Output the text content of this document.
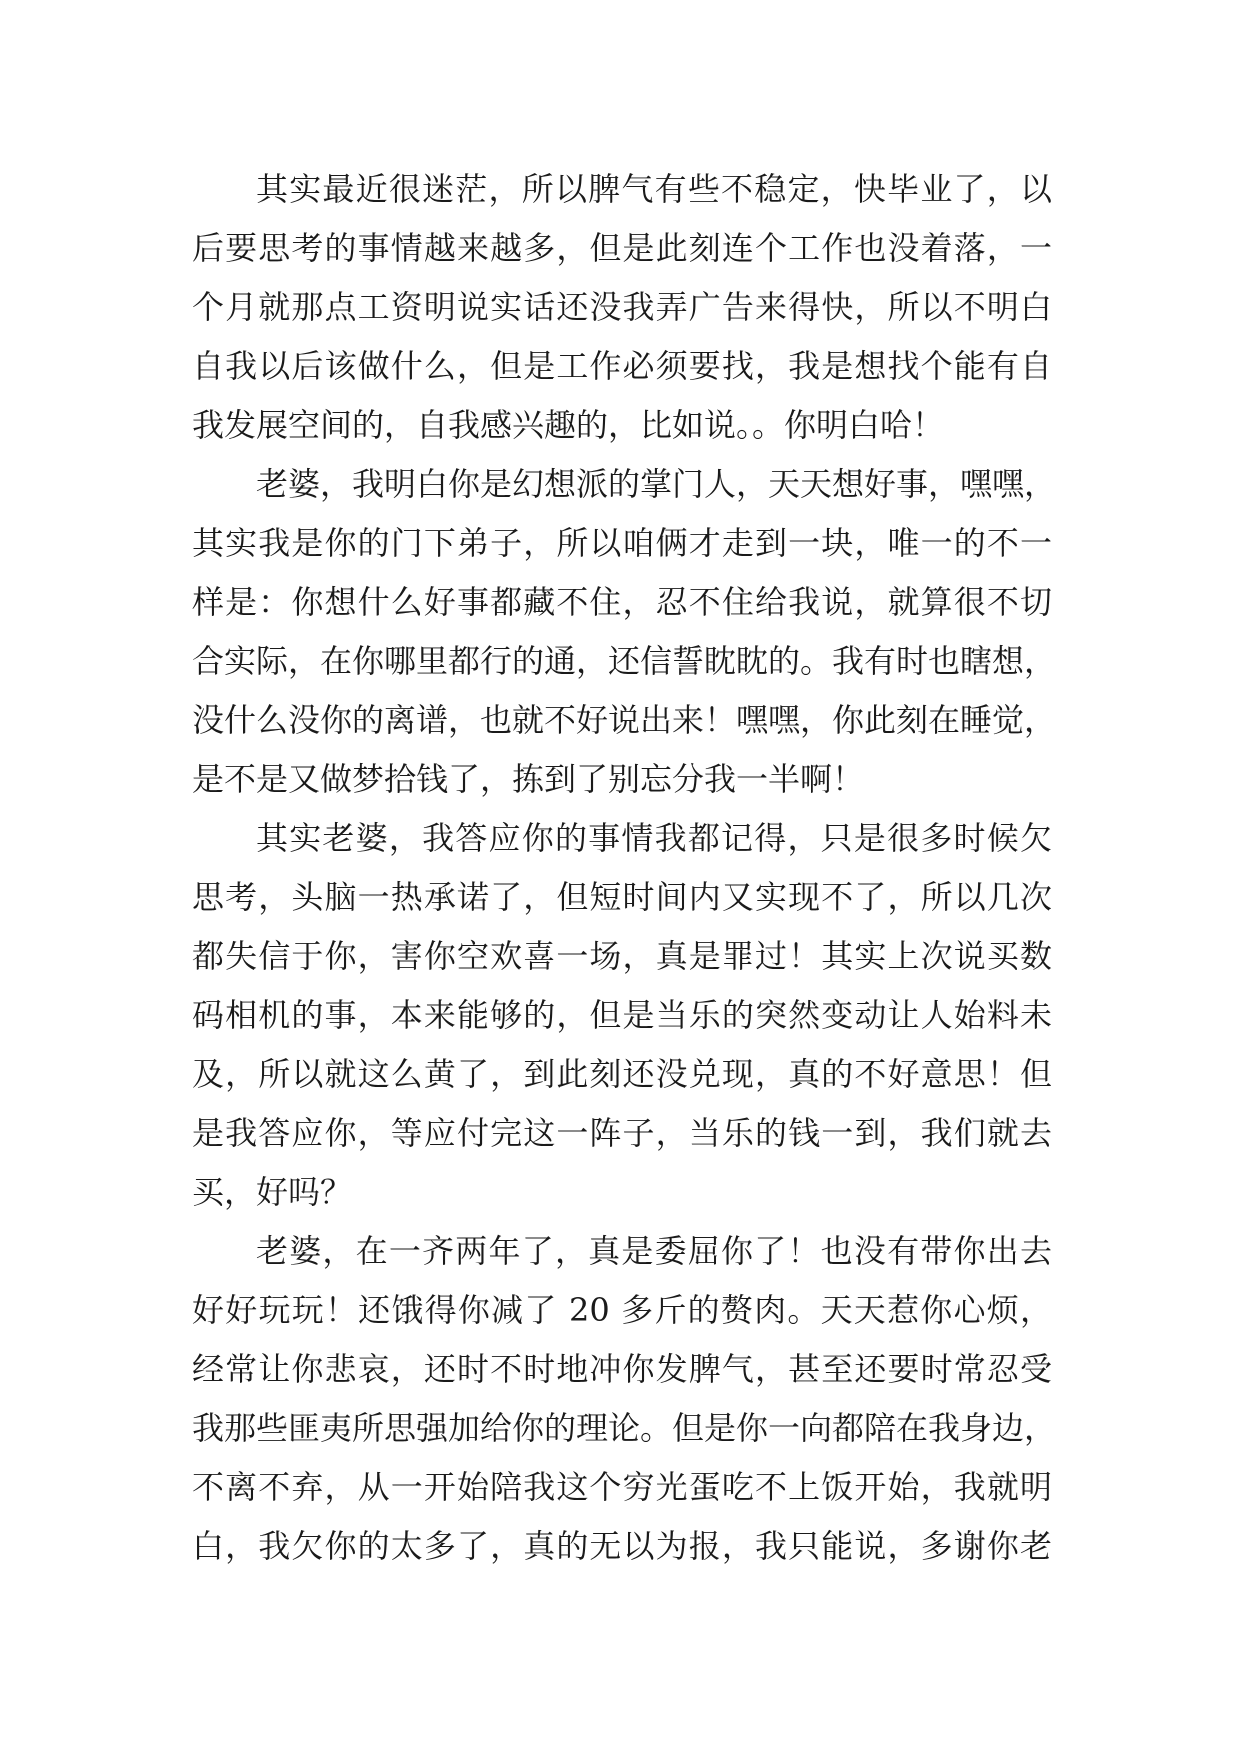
其实最近很迷茫，所以脾气有些不稳定，快毕业了，以
后要思考的事情越来越多，但是此刻连个工作也没着落，一
个月就那点工资明说实话还没我弄广告来得快，所以不明白
自我以后该做什么，但是工作必须要找，我是想找个能有自
我发展空间的，自我感兴趣的，比如说。。你明白哈！
老婆，我明白你是幻想派的掌门人，天天想好事，嘿嘿，
其实我是你的门下弟子，所以咱俩才走到一块，唯一的不一
样是：你想什么好事都藏不住，忍不住给我说，就算很不切
合实际，在你哪里都行的通，还信誓眈眈的。我有时也瞎想，
没什么没你的离谱，也就不好说出来！嘿嘿，你此刻在睡觉，
是不是又做梦拾钱了，拣到了别忘分我一半啊！
其实老婆，我答应你的事情我都记得，只是很多时候欠
思考，头脑一热承诺了，但短时间内又实现不了，所以几次
都失信于你，害你空欢喜一场，真是罪过！其实上次说买数
码相机的事，本来能够的，但是当乐的突然变动让人始料未
及，所以就这么黄了，到此刻还没兑现，真的不好意思！但
是我答应你，等应付完这一阵子，当乐的钱一到，我们就去
买，好吗？
老婆，在一齐两年了，真是委屈你了！也没有带你出去
好好玩玩！还饿得你减了 20 多斤的赘肉。天天惹你心烦，
经常让你悲哀，还时不时地冲你发脾气，甚至还要时常忍受
我那些匪夷所思强加给你的理论。但是你一向都陪在我身边，
不离不弃，从一开始陪我这个穷光蛋吃不上饭开始，我就明
白，我欠你的太多了，真的无以为报，我只能说，多谢你老
